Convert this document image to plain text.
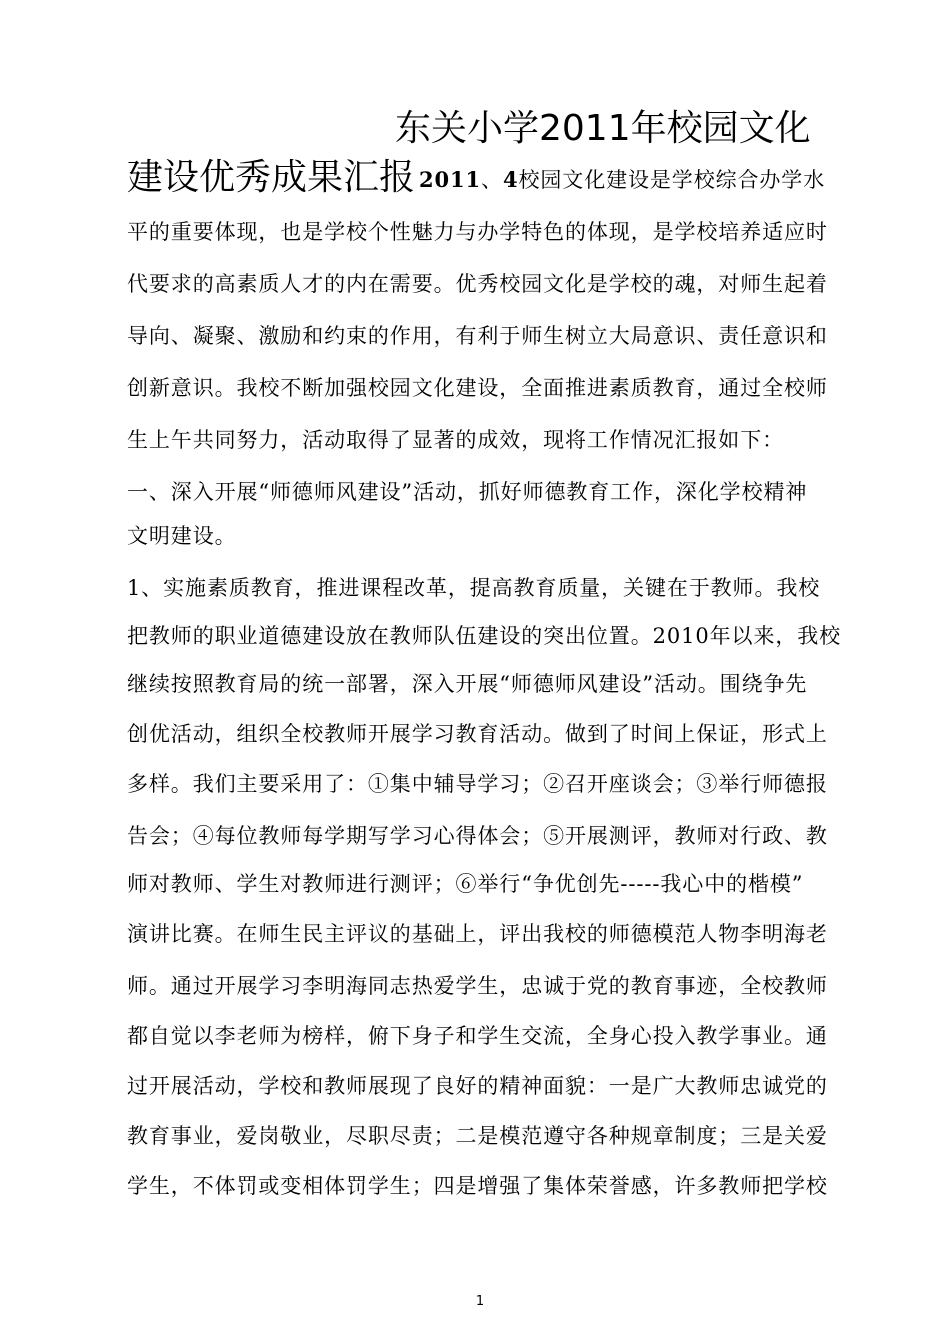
东关小学2011年校园文化
建设优秀成果汇报 2011、4校园文化建设是学校综合办学水
平的重要体现，也是学校个性魅力与办学特色的体现，是学校培养适应时
代要求的高素质人才的内在需要。优秀校园文化是学校的魂，对师生起着
导向、凝聚、激励和约束的作用，有利于师生树立大局意识、责任意识和
创新意识。我校不断加强校园文化建设，全面推进素质教育，通过全校师
生上午共同努力，活动取得了显著的成效，现将工作情况汇报如下：
一、深入开展“师德师风建设”活动，抓好师德教育工作，深化学校精神
文明建设。
1、实施素质教育，推进课程改革，提高教育质量，关键在于教师。我校
把教师的职业道德建设放在教师队伍建设的突出位置。2010年以来，我校
继续按照教育局的统一部署，深入开展“师德师风建设”活动。围绕争先
创优活动，组织全校教师开展学习教育活动。做到了时间上保证，形式上
多样。我们主要采用了：①集中辅导学习；②召开座谈会；③举行师德报
告会；④每位教师每学期写学习心得体会；⑤开展测评，教师对行政、教
师对教师、学生对教师进行测评；⑥举行“争优创先-----我心中的楷模”
演讲比赛。在师生民主评议的基础上，评出我校的师德模范人物李明海老
师。通过开展学习李明海同志热爱学生，忠诚于党的教育事迹，全校教师
都自觉以李老师为榜样，俯下身子和学生交流，全身心投入教学事业。通
过开展活动，学校和教师展现了良好的精神面貌：一是广大教师忠诚党的
教育事业，爱岗敬业，尽职尽责；二是模范遵守各种规章制度；三是关爱
学生，不体罚或变相体罚学生；四是增强了集体荣誉感，许多教师把学校
1
